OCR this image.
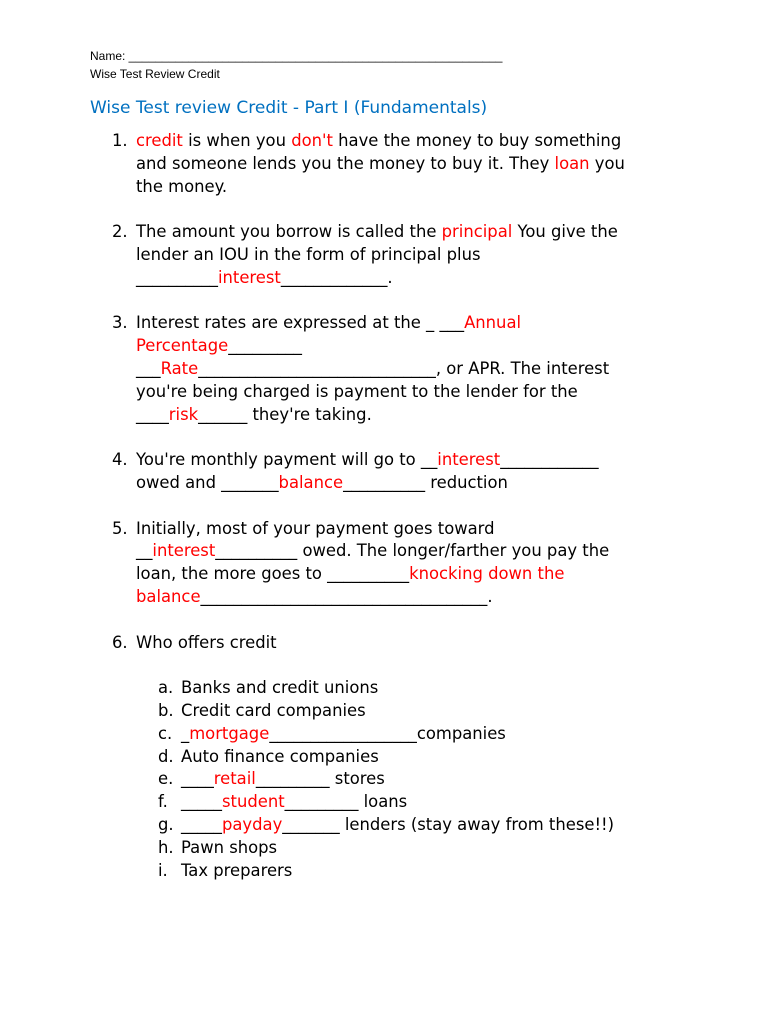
Name: ________________________________________________________
Wise Test Review Credit
Wise Test review Credit - Part I (Fundamentals)
1. credit is when you don't have the money to buy something
and someone lends you the money to buy it. They loan you
the money.
2. The amount you borrow is called the principal You give the
lender an IOU in the form of principal plus
__________interest_____________.
3. Interest rates are expressed at the _ ___Annual
Percentage_________
___Rate_____________________________, or APR. The interest
you're being charged is payment to the lender for the
____risk______ they're taking.
4. You're monthly payment will go to __interest____________
owed and _______balance__________ reduction
5. Initially, most of your payment goes toward
__interest__________ owed. The longer/farther you pay the
loan, the more goes to __________knocking down the
balance___________________________________.
6. Who offers credit
a. Banks and credit unions
b. Credit card companies
c. _mortgage__________________companies
d. Auto finance companies
e. ____retail_________ stores
f. _____student_________ loans
g. _____payday_______ lenders (stay away from these!!)
h. Pawn shops
i. Tax preparers
